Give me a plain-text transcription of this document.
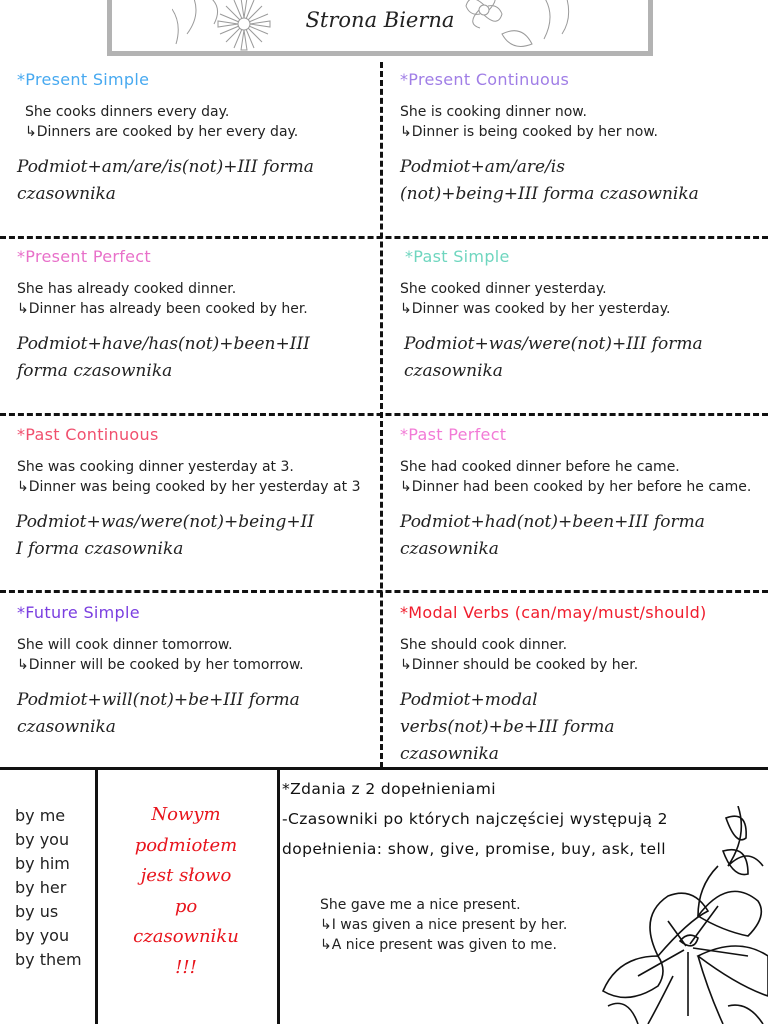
Strona Bierna
*Present Simple
She cooks dinners every day.
↳Dinners are cooked by her every day.
Podmiot+am/are/is(not)+III forma czasownika
*Present Continuous
She is cooking dinner now.
↳Dinner is being cooked by her now.
Podmiot+am/are/is (not)+being+III forma czasownika
*Present Perfect
She has already cooked dinner.
↳Dinner has already been cooked by her.
Podmiot+have/has(not)+been+III forma czasownika
*Past Simple
She cooked dinner yesterday.
↳Dinner was cooked by her yesterday.
Podmiot+was/were(not)+III forma czasownika
*Past Continuous
She was cooking dinner yesterday at 3.
↳Dinner was being cooked by her yesterday at 3
Podmiot+was/were(not)+being+II I forma czasownika
*Past Perfect
She had cooked dinner before he came.
↳Dinner had been cooked by her before he came.
Podmiot+had(not)+been+III forma czasownika
*Future Simple
She will cook dinner tomorrow.
↳Dinner will be cooked by her tomorrow.
Podmiot+will(not)+be+III forma czasownika
*Modal Verbs (can/may/must/should)
She should cook dinner.
↳Dinner should be cooked by her.
Podmiot+modal verbs(not)+be+III forma czasownika
by me
by you
by him
by her
by us
by you
by them
Nowym
podmiotem
jest słowo
po
czasowniku
!!!
*Zdania z 2 dopełnieniami
-Czasowniki po których najczęściej występują 2
dopełnienia: show, give, promise, buy, ask, tell
She gave me a nice present.
↳I was given a nice present by her.
↳A nice present was given to me.
